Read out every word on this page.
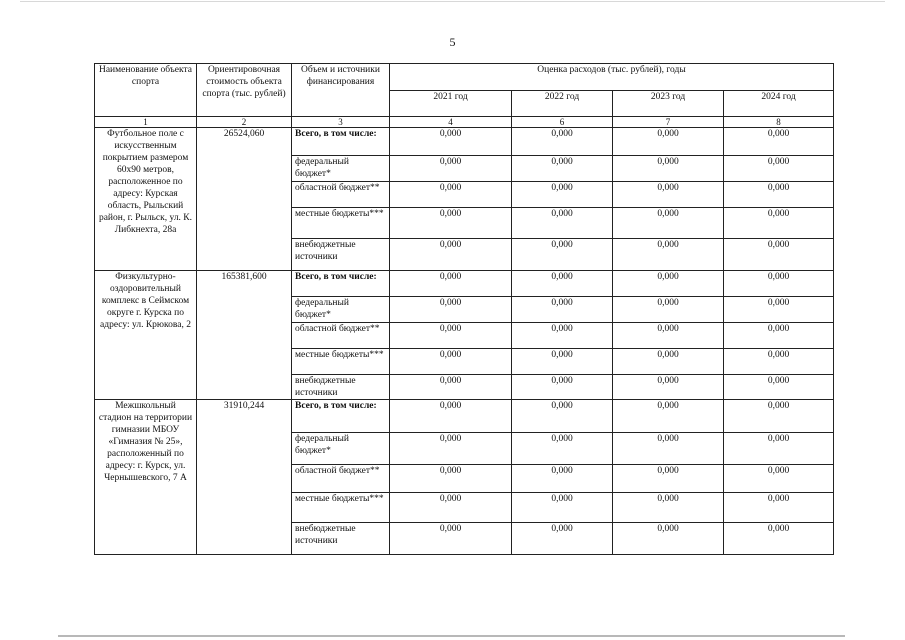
5
Наименование объекта спорта	Ориентировочная стоимость объекта спорта (тыс. рублей)	Объем и источники финансирования	Оценка расходов (тыс. рублей), годы			
			2021 год	2022 год	2023 год	2024 год
1	2	3	4	6	7	8
Футбольное поле с искусственным покрытием размером 60х90 метров, расположенное по адресу: Курская область, Рыльский район, г. Рыльск, ул. К. Либкнехта, 28а	26524,060	Всего, в том числе:	0,000	0,000	0,000	0,000
		федеральный бюджет*	0,000	0,000	0,000	0,000
		областной бюджет**	0,000	0,000	0,000	0,000
		местные бюджеты***	0,000	0,000	0,000	0,000
		внебюджетные источники	0,000	0,000	0,000	0,000
Физкультурно-оздоровительный комплекс в Сеймском округе г. Курска по адресу: ул. Крюкова, 2	165381,600	Всего, в том числе:	0,000	0,000	0,000	0,000
		федеральный бюджет*	0,000	0,000	0,000	0,000
		областной бюджет**	0,000	0,000	0,000	0,000
		местные бюджеты***	0,000	0,000	0,000	0,000
		внебюджетные источники	0,000	0,000	0,000	0,000
Межшкольный стадион на территории гимназии МБОУ «Гимназия № 25», расположенный по адресу: г. Курск, ул. Чернышевского, 7 А	31910,244	Всего, в том числе:	0,000	0,000	0,000	0,000
		федеральный бюджет*	0,000	0,000	0,000	0,000
		областной бюджет**	0,000	0,000	0,000	0,000
		местные бюджеты***	0,000	0,000	0,000	0,000
		внебюджетные источники	0,000	0,000	0,000	0,000
